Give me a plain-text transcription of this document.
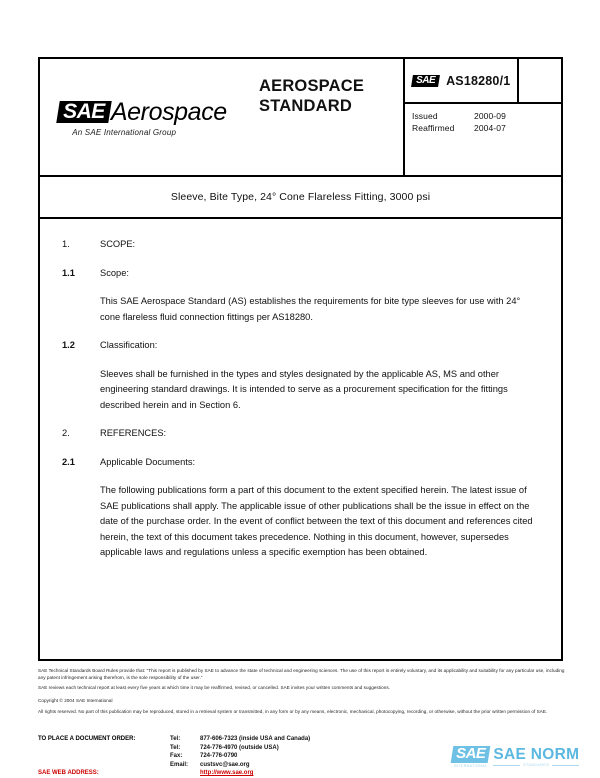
SAE Aerospace
An SAE International Group
AEROSPACE
STANDARD
SAE AS18280/1
Issued	2000-09
Reaffirmed	2004-07
Sleeve, Bite Type, 24° Cone Flareless Fitting, 3000 psi
1.	SCOPE:
1.1	Scope:
This SAE Aerospace Standard (AS) establishes the requirements for bite type sleeves for use with 24° cone flareless fluid connection fittings per AS18280.
1.2	Classification:
Sleeves shall be furnished in the types and styles designated by the applicable AS, MS and other engineering standard drawings. It is intended to serve as a procurement specification for the fittings described herein and in Section 6.
2.	REFERENCES:
2.1	Applicable Documents:
The following publications form a part of this document to the extent specified herein. The latest issue of SAE publications shall apply. The applicable issue of other publications shall be the issue in effect on the date of the purchase order. In the event of conflict between the text of this document and references cited herein, the text of this document takes precedence. Nothing in this document, however, supersedes applicable laws and regulations unless a specific exemption has been obtained.
SAE Technical Standards Board Rules provide that: “This report is published by SAE to advance the state of technical and engineering sciences. The use of this report is entirely voluntary, and its applicability and suitability for any particular use, including any patent infringement arising therefrom, is the sole responsibility of the user.”
SAE reviews each technical report at least every five years at which time it may be reaffirmed, revised, or cancelled. SAE invites your written comments and suggestions.
Copyright © 2004 SAE International
All rights reserved. No part of this publication may be reproduced, stored in a retrieval system or transmitted, in any form or by any means, electronic, mechanical, photocopying, recording, or otherwise, without the prior written permission of SAE.
TO PLACE A DOCUMENT ORDER:	Tel:	877-606-7323 (inside USA and Canada)
Tel:	724-776-4970 (outside USA)
Fax:	724-776-0790
Email:	custsvc@sae.org
SAE WEB ADDRESS:	http://www.sae.org
SAE
INTERNATIONAL
SAE NORM
STANDARDS
